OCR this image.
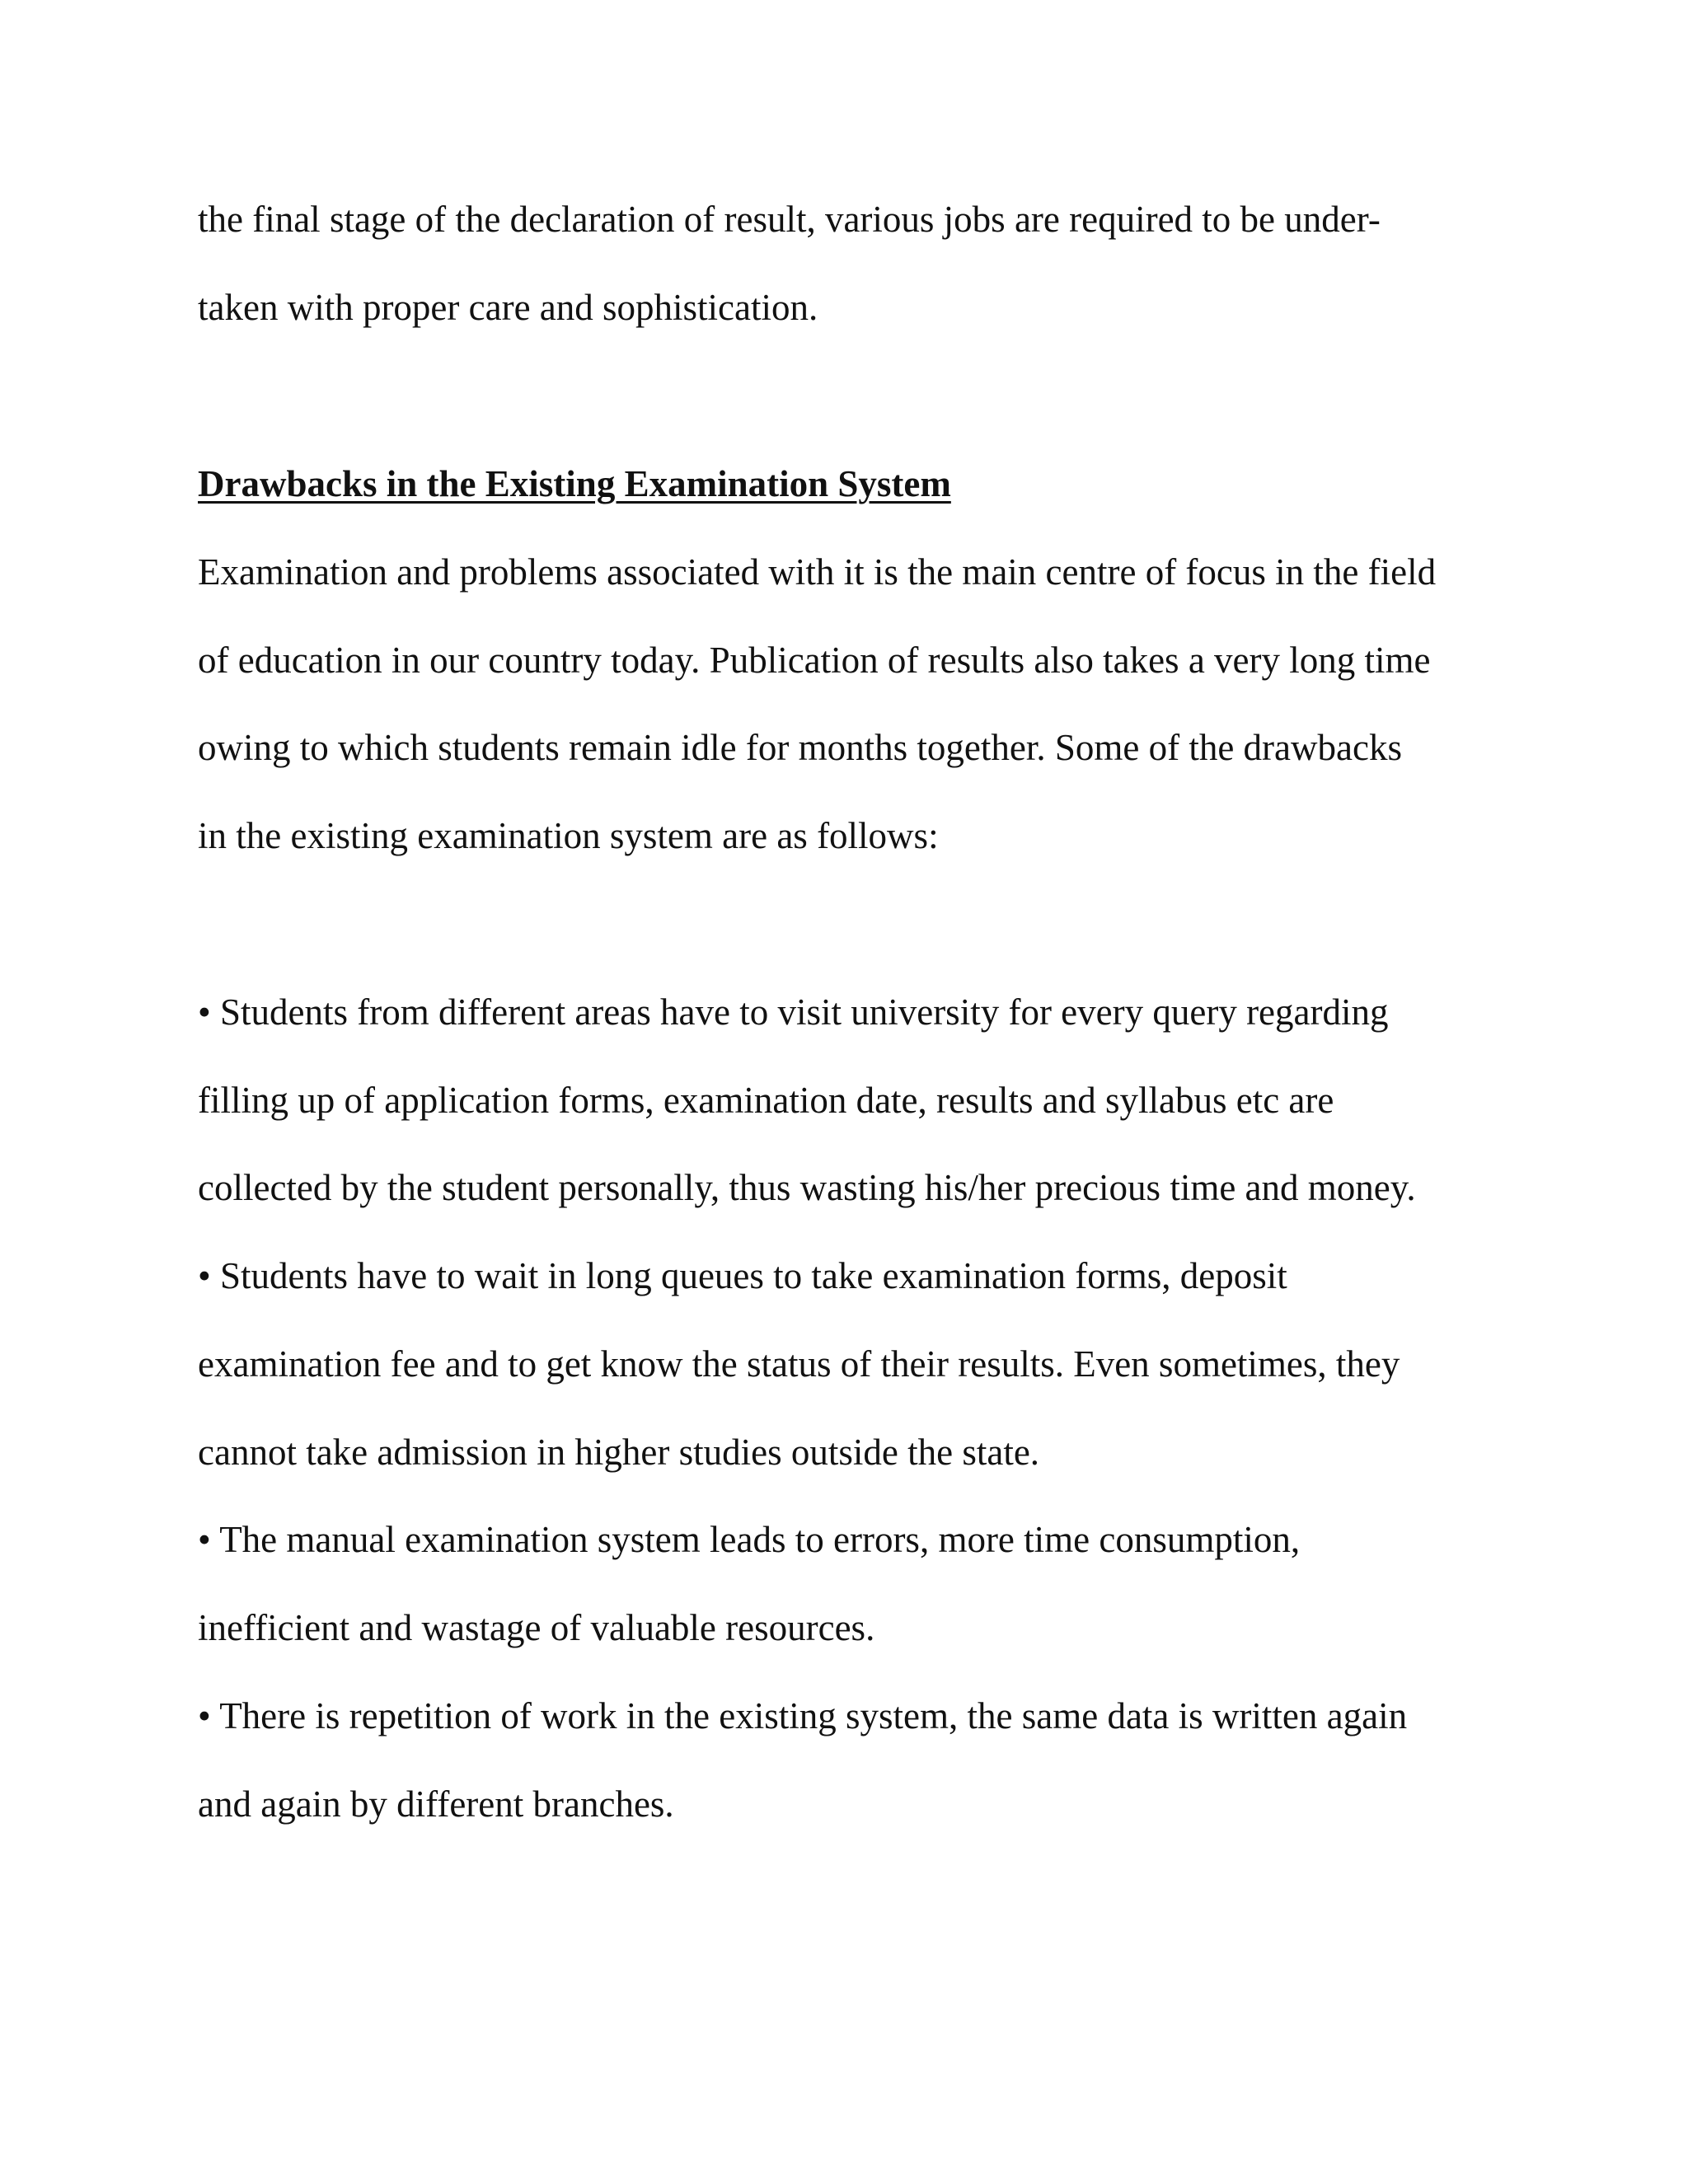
the final stage of the declaration of result, various jobs are required to be under-

taken with proper care and sophistication.

Drawbacks in the Existing Examination System

Examination and problems associated with it is the main centre of focus in the field

of education in our country today. Publication of results also takes a very long time

owing to which students remain idle for months together. Some of the drawbacks

in the existing examination system are as follows:

• Students from different areas have to visit university for every query regarding

filling up of application forms, examination date, results and syllabus etc are

collected by the student personally, thus wasting his/her precious time and money.

• Students have to wait in long queues to take examination forms, deposit

examination fee and to get know the status of their results. Even sometimes, they

cannot take admission in higher studies outside the state.

• The manual examination system leads to errors, more time consumption,

inefficient and wastage of valuable resources.

• There is repetition of work in the existing system, the same data is written again

and again by different branches.
